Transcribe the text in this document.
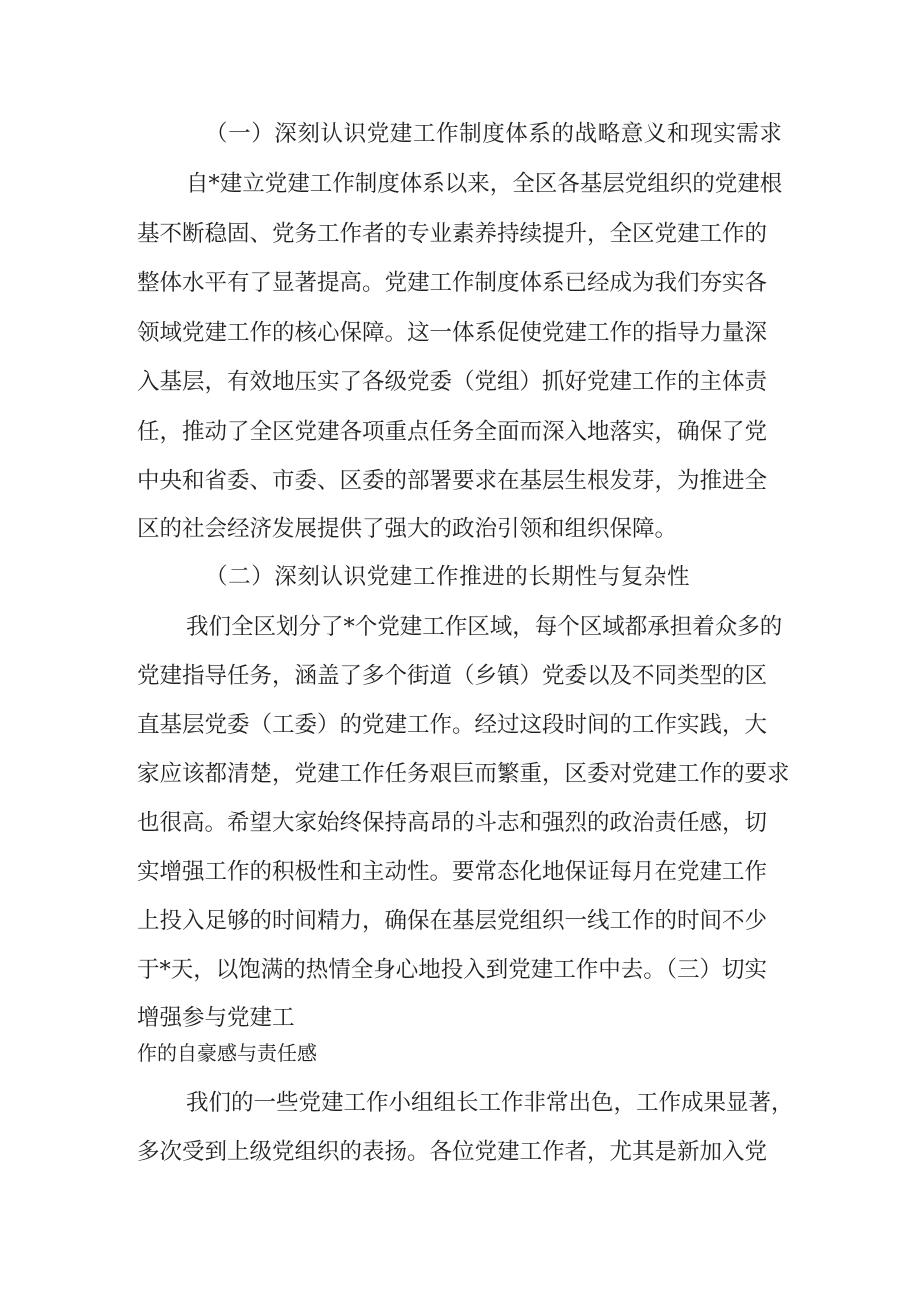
（一）深刻认识党建工作制度体系的战略意义和现实需求
自*建立党建工作制度体系以来，全区各基层党组织的党建根
基不断稳固、党务工作者的专业素养持续提升，全区党建工作的
整体水平有了显著提高。党建工作制度体系已经成为我们夯实各
领域党建工作的核心保障。这一体系促使党建工作的指导力量深
入基层，有效地压实了各级党委（党组）抓好党建工作的主体责
任，推动了全区党建各项重点任务全面而深入地落实，确保了党
中央和省委、市委、区委的部署要求在基层生根发芽，为推进全
区的社会经济发展提供了强大的政治引领和组织保障。
（二）深刻认识党建工作推进的长期性与复杂性
我们全区划分了*个党建工作区域，每个区域都承担着众多的
党建指导任务，涵盖了多个街道（乡镇）党委以及不同类型的区
直基层党委（工委）的党建工作。经过这段时间的工作实践，大
家应该都清楚，党建工作任务艰巨而繁重，区委对党建工作的要求
也很高。希望大家始终保持高昂的斗志和强烈的政治责任感，切
实增强工作的积极性和主动性。要常态化地保证每月在党建工作
上投入足够的时间精力，确保在基层党组织一线工作的时间不少
于*天，以饱满的热情全身心地投入到党建工作中去。（三）切实
增强参与党建工
作的自豪感与责任感
我们的一些党建工作小组组长工作非常出色，工作成果显著，
多次受到上级党组织的表扬。各位党建工作者，尤其是新加入党
